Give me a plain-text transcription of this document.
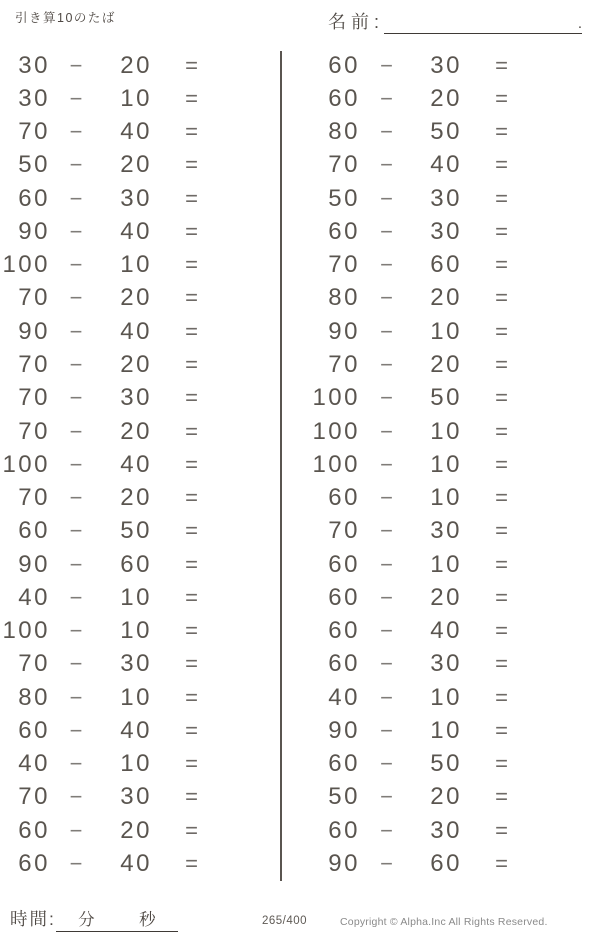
引き算10のたば	名前:	.
30 −	20	=
30 −	10	=
70 −	40	=
50 −	20	=
60 −	30	=
90 −	40	=
100 −	10	=
70 −	20	=
90 −	40	=
70 −	20	=
70 −	30	=
70 −	20	=
100 −	40	=
70 −	20	=
60 −	50	=
90 −	60	=
40 −	10	=
100 −	10	=
70 −	30	=
80 −	10	=
60 −	40	=
40 −	10	=
70 −	30	=
60 −	20	=
60 −	40	=
60 −	30	=
60 −	20	=
80 −	50	=
70 −	40	=
50 −	30	=
60 −	30	=
70 −	60	=
80 −	20	=
90 −	10	=
70 −	20	=
100 −	50	=
100 −	10	=
100 −	10	=
60 −	10	=
70 −	30	=
60 −	10	=
60 −	20	=
60 −	40	=
60 −	30	=
40 −	10	=
90 −	10	=
60 −	50	=
50 −	20	=
60 −	30	=
90 −	60	=
時間: 分	秒	265/400	Copyright © Alpha.Inc All Rights Reserved.
